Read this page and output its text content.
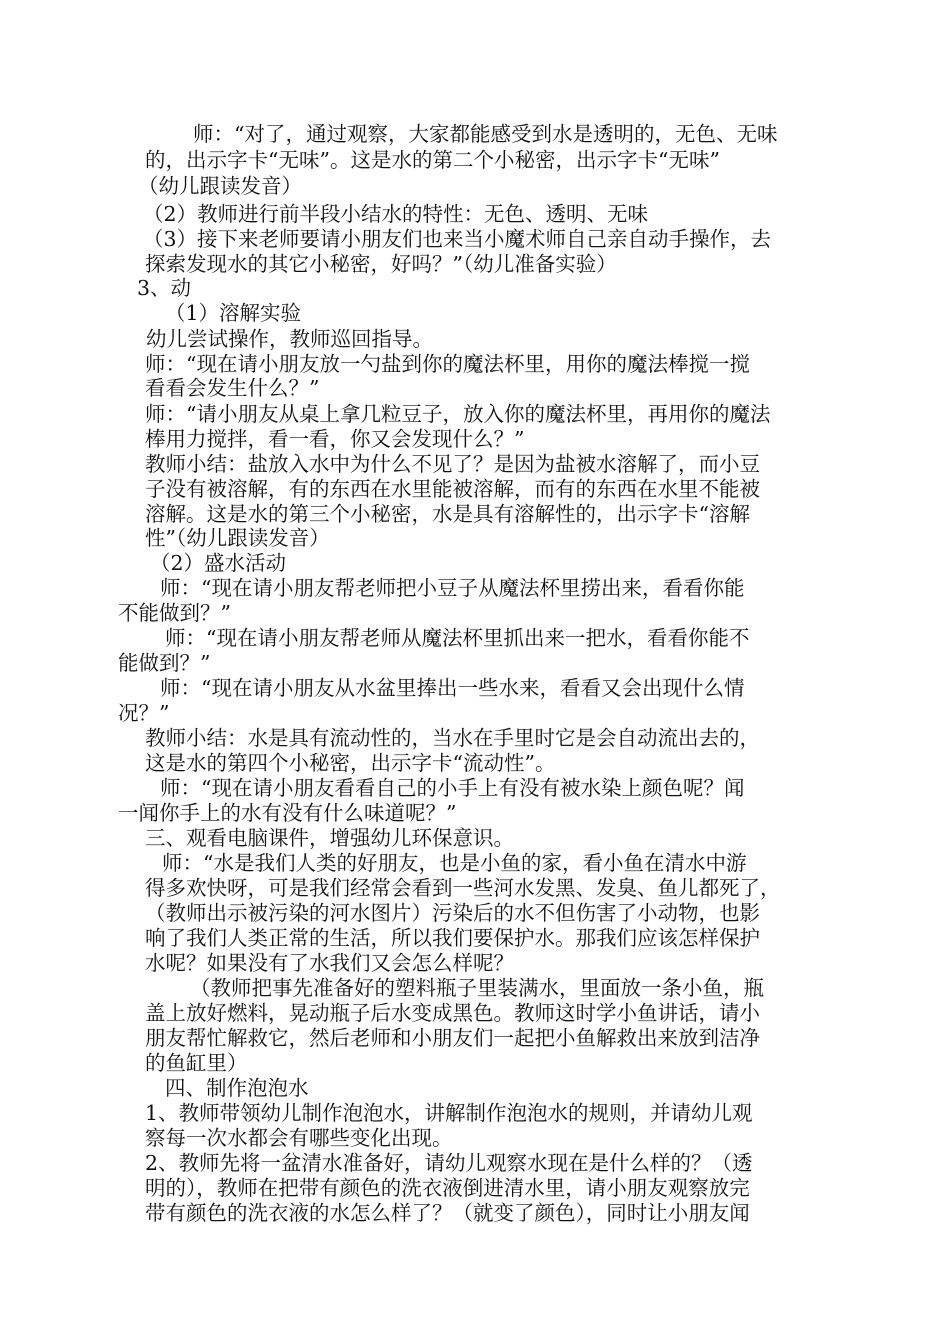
师：“对了，通过观察，大家都能感受到水是透明的，无色、无味
的，出示字卡“无味”。这是水的第二个小秘密，出示字卡“无味”
（幼儿跟读发音）
（2）教师进行前半段小结水的特性：无色、透明、无味
（3）接下来老师要请小朋友们也来当小魔术师自己亲自动手操作，去
探索发现水的其它小秘密，好吗？”（幼儿准备实验）
3、动
（1）溶解实验
幼儿尝试操作，教师巡回指导。
师：“现在请小朋友放一勺盐到你的魔法杯里，用你的魔法棒搅一搅
看看会发生什么？”
师：“请小朋友从桌上拿几粒豆子，放入你的魔法杯里，再用你的魔法
棒用力搅拌，看一看，你又会发现什么？”
教师小结：盐放入水中为什么不见了？是因为盐被水溶解了，而小豆
子没有被溶解，有的东西在水里能被溶解，而有的东西在水里不能被
溶解。这是水的第三个小秘密，水是具有溶解性的，出示字卡“溶解
性”（幼儿跟读发音）
（2）盛水活动
师：“现在请小朋友帮老师把小豆子从魔法杯里捞出来，看看你能
不能做到？”
师：“现在请小朋友帮老师从魔法杯里抓出来一把水，看看你能不
能做到？”
师：“现在请小朋友从水盆里捧出一些水来，看看又会出现什么情
况？”
教师小结：水是具有流动性的，当水在手里时它是会自动流出去的，
这是水的第四个小秘密，出示字卡“流动性”。
师：“现在请小朋友看看自己的小手上有没有被水染上颜色呢？闻
一闻你手上的水有没有什么味道呢？”
三、观看电脑课件，增强幼儿环保意识。
师：“水是我们人类的好朋友，也是小鱼的家，看小鱼在清水中游
得多欢快呀，可是我们经常会看到一些河水发黑、发臭、鱼儿都死了，
（教师出示被污染的河水图片）污染后的水不但伤害了小动物，也影
响了我们人类正常的生活，所以我们要保护水。那我们应该怎样保护
水呢？如果没有了水我们又会怎么样呢？
（教师把事先准备好的塑料瓶子里装满水，里面放一条小鱼，瓶
盖上放好燃料，晃动瓶子后水变成黑色。教师这时学小鱼讲话，请小
朋友帮忙解救它，然后老师和小朋友们一起把小鱼解救出来放到洁净
的鱼缸里）
四、制作泡泡水
1、教师带领幼儿制作泡泡水，讲解制作泡泡水的规则，并请幼儿观
察每一次水都会有哪些变化出现。
2、教师先将一盆清水准备好，请幼儿观察水现在是什么样的？（透
明的），教师在把带有颜色的洗衣液倒进清水里，请小朋友观察放完
带有颜色的洗衣液的水怎么样了？（就变了颜色），同时让小朋友闻
